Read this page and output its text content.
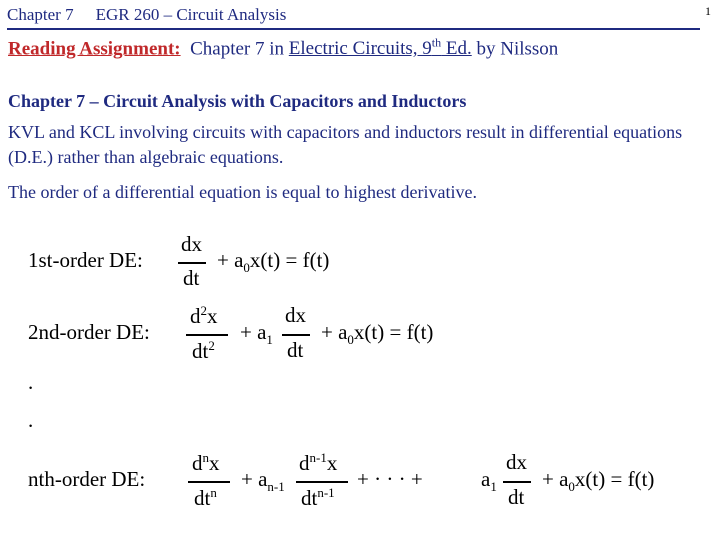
Chapter 7 EGR 260 – Circuit Analysis	1
Reading Assignment: Chapter 7 in Electric Circuits, 9th Ed. by Nilsson
Chapter 7 – Circuit Analysis with Capacitors and Inductors
KVL and KCL involving circuits with capacitors and inductors result in differential equations (D.E.) rather than algebraic equations.
The order of a differential equation is equal to highest derivative.
1st-order DE:
dx
dt
+ $a_0x(t) = f(t)$
2nd-order DE:
$d^2x$
$dt^2$
+ $a_1$
dx
dt
+ $a_0x(t) = f(t)$
.
.
nth-order DE:
$d^nx$
$dt^n$
+ $a_{n-1}$
$d^{n-1}x$
$dt^{n-1}$
+ · · · +	$a_1$
dx
dt
+ $a_0x(t) = f(t)$
